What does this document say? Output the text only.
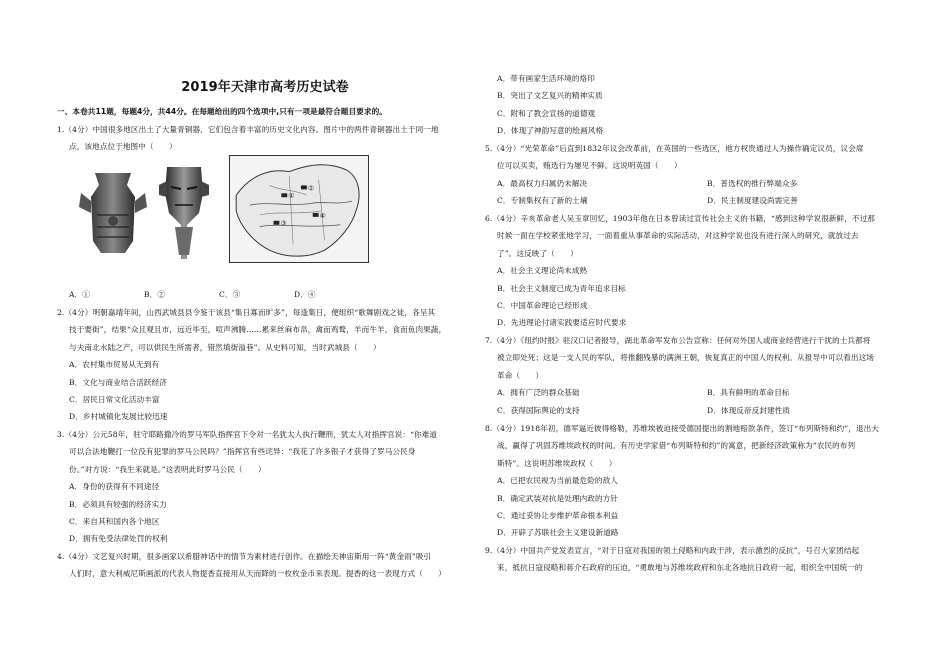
2019年天津市高考历史试卷
一、本卷共11题，每题4分，共44分。在每题给出的四个选项中,只有一项是最符合题目要求的。
1.（4分）中国很多地区出土了大量青铜器，它们包含着丰富的历史文化内容。图片中的两件青铜器出土于同一地
点，该地点位于地图中（　　）
①
②
③
④
A．①	B．②	C．③	D．④
2.（4分）明朝嘉靖年间，山西武城县县令鉴于该县“集日寡而旷多”，每逢集日，便组织“歌舞剧戏之徒，各呈其
技于要街”，结果“众且观且市，远近毕至，喧声沸腾……累来丝麻布帛，禽而鸡鹜，羊而牛羊，食而鱼肉果蔬，
与夫南北水陆之产，可以供民生所需者，错然填街溢巷”。从史料可知，当时武城县（　　）
A．农村集市贸易从无到有
B．文化与商业结合活跃经济
C．居民日常文化活动丰富
D．乡村城镇化发展比较迅速
3.（4分）公元58年，驻守耶路撒冷的罗马军队指挥官下令对一名犹太人执行鞭刑，犹太人对指挥官说：“你难道
可以合法地鞭打一位没有犯罪的罗马公民吗？”指挥官有些诧异：“我花了许多银子才获得了罗马公民身
份。”对方说：“我生来就是。”这表明此时罗马公民（　　）
A．身份的获得有不同途径
B．必须具有较强的经济实力
C．来自其和国内各个地区
D．拥有免受法律处罚的权利
4.（4分）文艺复兴时期，很多画家以希腊神话中的情节为素材进行创作。在描绘天神宙斯用一阵“黄金雨”吸引
人们时，意大利威尼斯画派的代表人物提香直接用从天而降的一枚枚金币来表现。提香的这一表现方式（　　）
A．带有画家生活环境的烙印
B．突出了文艺复兴的精神实质
C．附和了教会宣扬的道德观
D．体现了神韵写意的绘画风格
5.（4分）“光荣革命”后直到1832年议会改革前，在英国的一些选区，地方权贵通过人为操作确定议员，议会席
位可以买卖，贿选行为屡见不鲜。这说明英国（　　）
A．最高权力归属仍未解决	B．普选权的推行弊端众多
C．专制集权有了新的土壤	D．民主制度建设尚需完善
6.（4分）辛亥革命老人吴玉章回忆，1903年他在日本曾读过宣传社会主义的书籍，“感到这种学说很新鲜，不过那
时候一面在学校紧张地学习，一面着重从事革命的实际活动，对这种学说也没有进行深入的研究，就放过去
了”。这反映了（　　）
A．社会主义理论尚未成熟
B．社会主义制度已成为青年追求目标
C．中国革命理论已经形成
D．先进理论付诸实践要适应时代要求
7.（4分）《纽约时报》驻汉口记者报导，湖北革命军发布公告宣称：任何对外国人或商业经营进行干扰的士兵都将
被立即处死；这是一支人民的军队，将推翻残暴的满洲王朝，恢复真正的中国人的权利。从报导中可以看出这场
革命（　　）
A．拥有广泛的群众基础	B．具有鲜明的革命目标
C．获得国际舆论的支持	D．体现反帝反封建性质
8.（4分）1918年初，德军逼近彼得格勒，苏维埃被迫接受德国提出的割地赔款条件，签订“布列斯特和约”，退出大
战，赢得了巩固苏维埃政权的时间。有历史学家借“布列斯特和约”的寓意，把新经济政策称为“农民的布列
斯特”。这说明苏维埃政权（　　）
A．已把农民视为当前最危险的敌人
B．确定武装对抗是处理内政的方针
C．通过妥协让步维护革命根本利益
D．开辟了苏联社会主义建设新道路
9.（4分）中国共产党发表宣言，“对于日寇对我国的领土侵略和内政干涉，表示激烈的反抗”，号召大家团结起
来，抵抗日寇侵略和蒋介石政府的压迫，“勇敢地与苏维埃政府和东北各地抗日政府一起，组织全中国统一的
